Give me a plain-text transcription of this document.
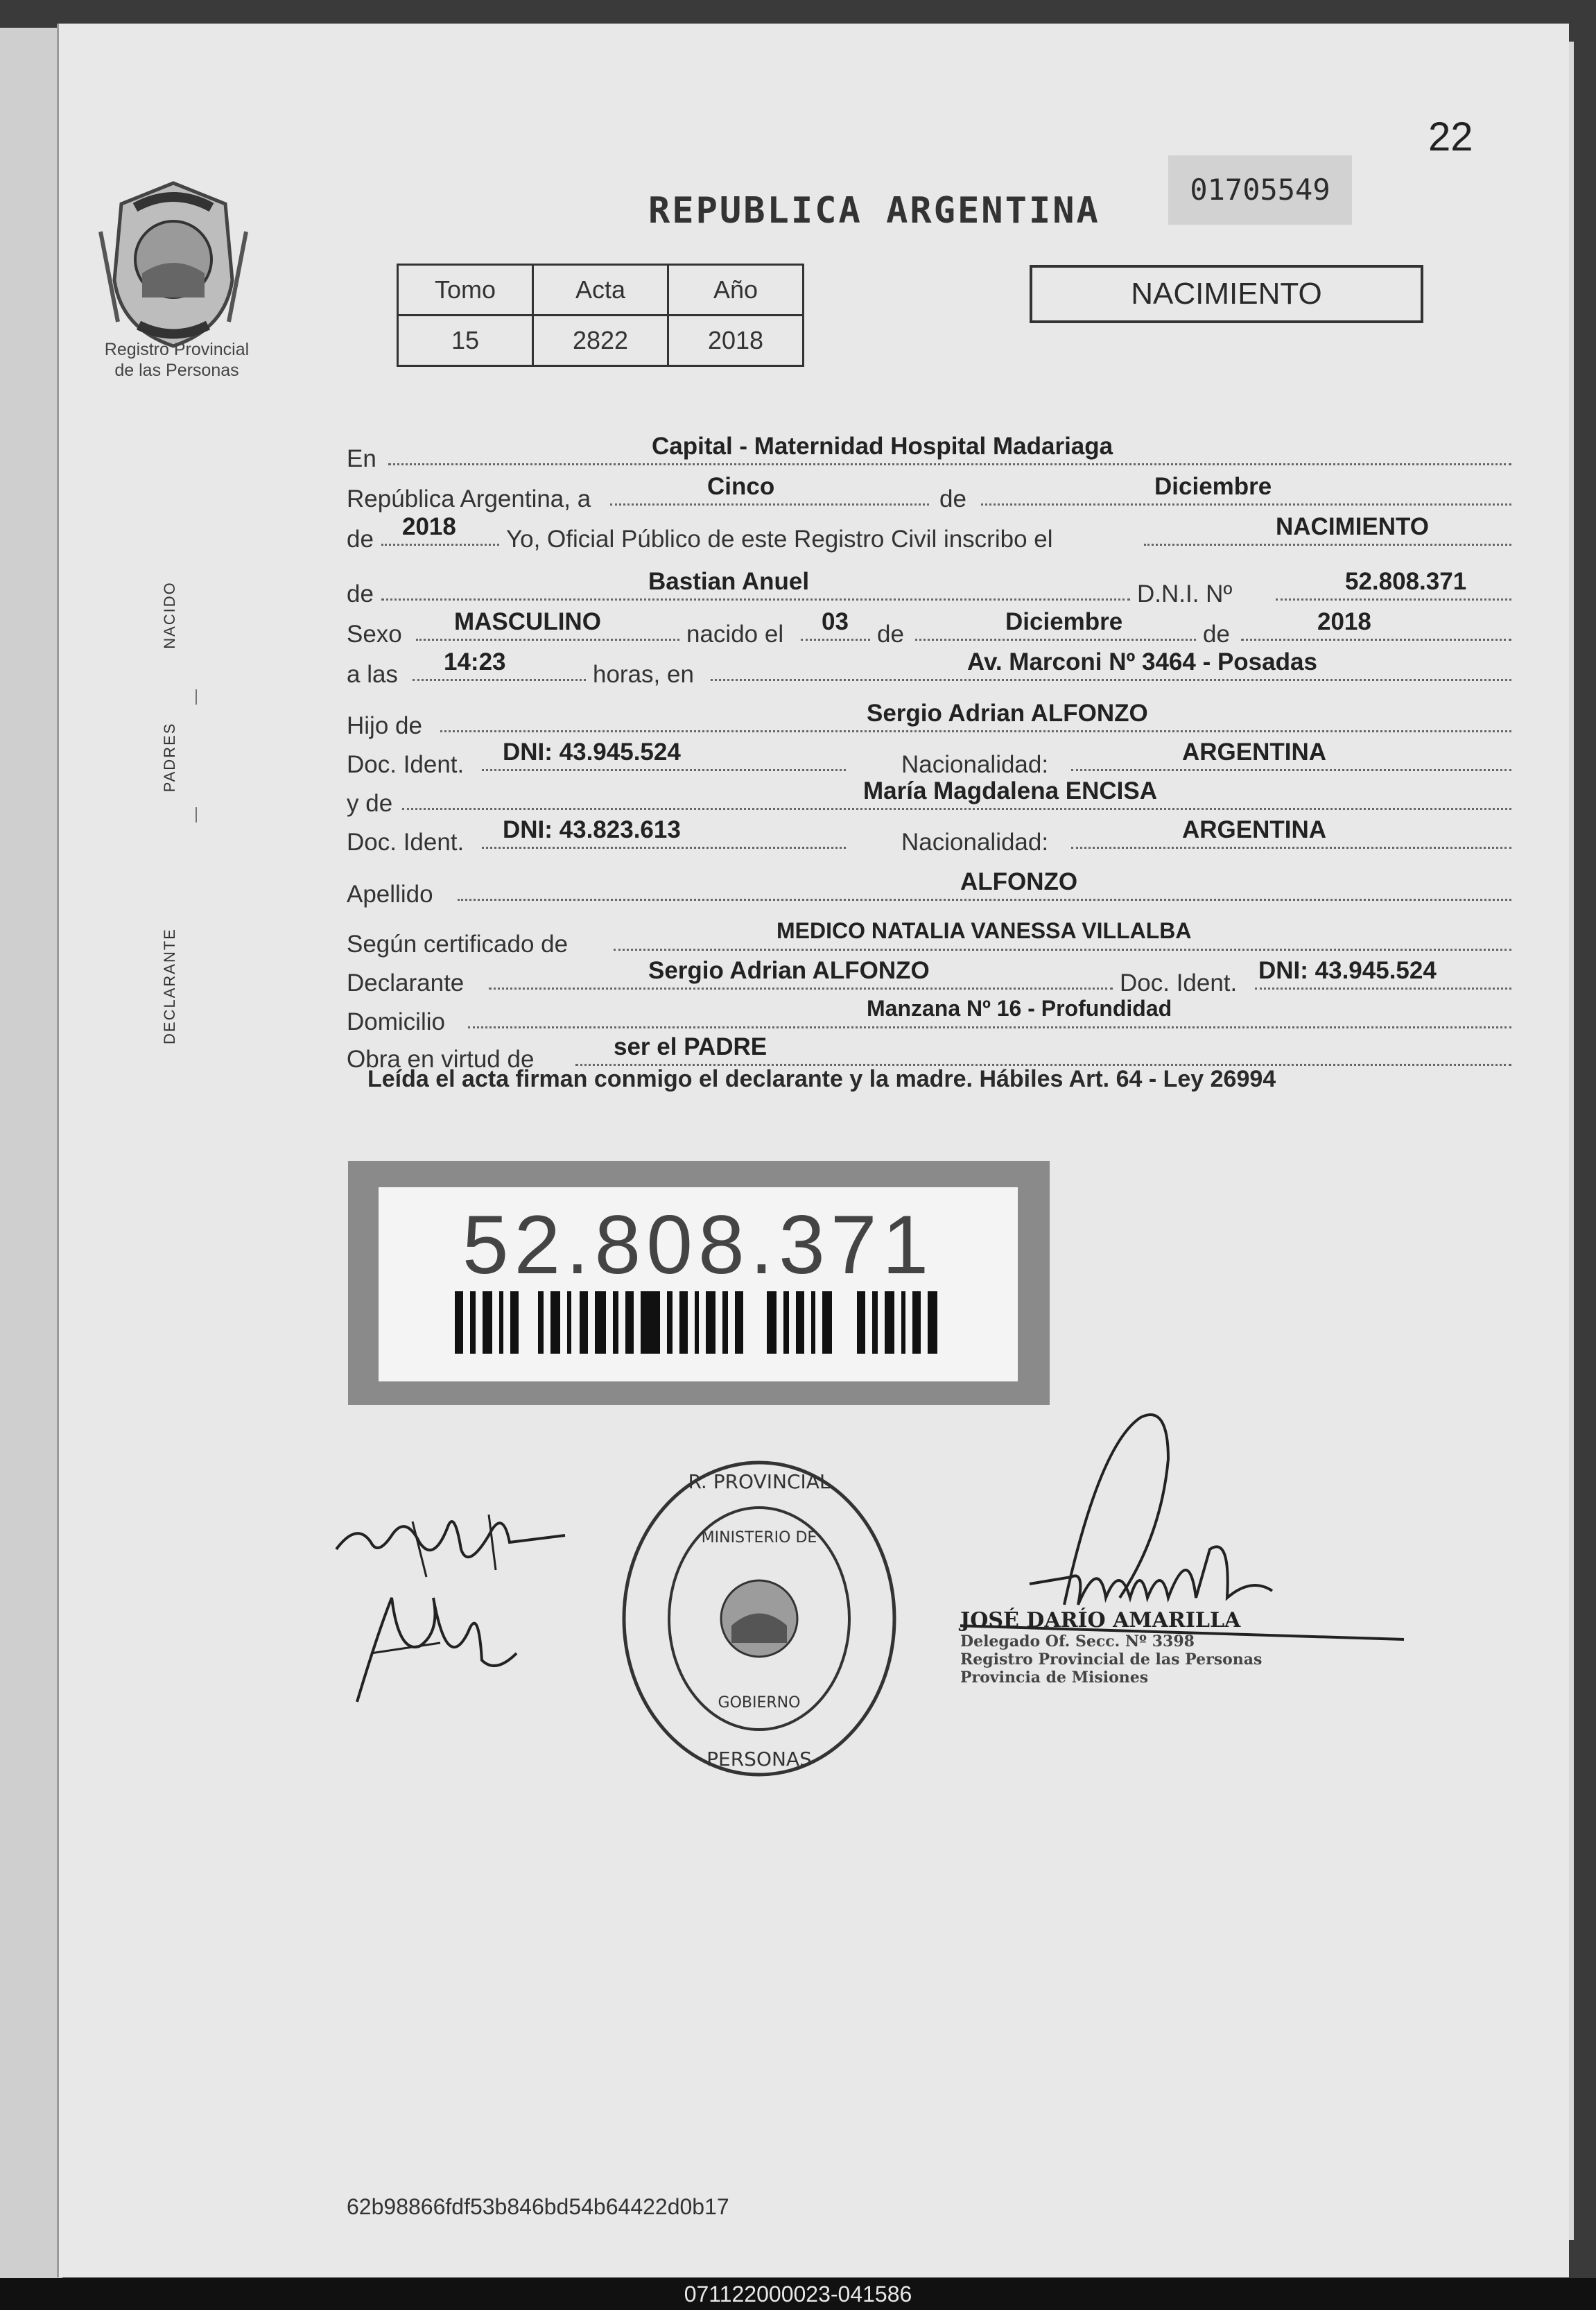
22
Registro Provincial
de las Personas
REPUBLICA ARGENTINA
01705549
Tomo	Acta	Año
15	2822	2018
NACIMIENTO
NACIDO
PADRES
DECLARANTE
En	Capital - Maternidad Hospital Madariaga
República Argentina, a	Cinco	de	Diciembre
de 2018 Yo, Oficial Público de este Registro Civil inscribo el	NACIMIENTO
de	Bastian Anuel	D.N.I. Nº	52.808.371
Sexo MASCULINO	nacido el 03 de	Diciembre	de	2018
a las 14:23	horas, en	Av. Marconi Nº 3464 - Posadas
Hijo de	Sergio Adrian ALFONZO
Doc. Ident. DNI: 43.945.524	Nacionalidad:	ARGENTINA
y de	María Magdalena ENCISA
Doc. Ident. DNI: 43.823.613	Nacionalidad:	ARGENTINA
Apellido	ALFONZO
Según certificado de	MEDICO NATALIA VANESSA VILLALBA
Declarante	Sergio Adrian ALFONZO	Doc. Ident. DNI: 43.945.524
Domicilio	Manzana Nº 16 - Profundidad
Obra en virtud de	ser el PADRE
Leída el acta firman conmigo el declarante y la madre. Hábiles Art. 64 - Ley 26994
52.808.371
R. PROVINCIAL
PERSONAS
MINISTERIO DE
GOBIERNO
JOSÉ DARÍO AMARILLA
Delegado Of. Secc. Nº 3398
Registro Provincial de las Personas
Provincia de Misiones
62b98866fdf53b846bd54b64422d0b17
071122000023-041586
